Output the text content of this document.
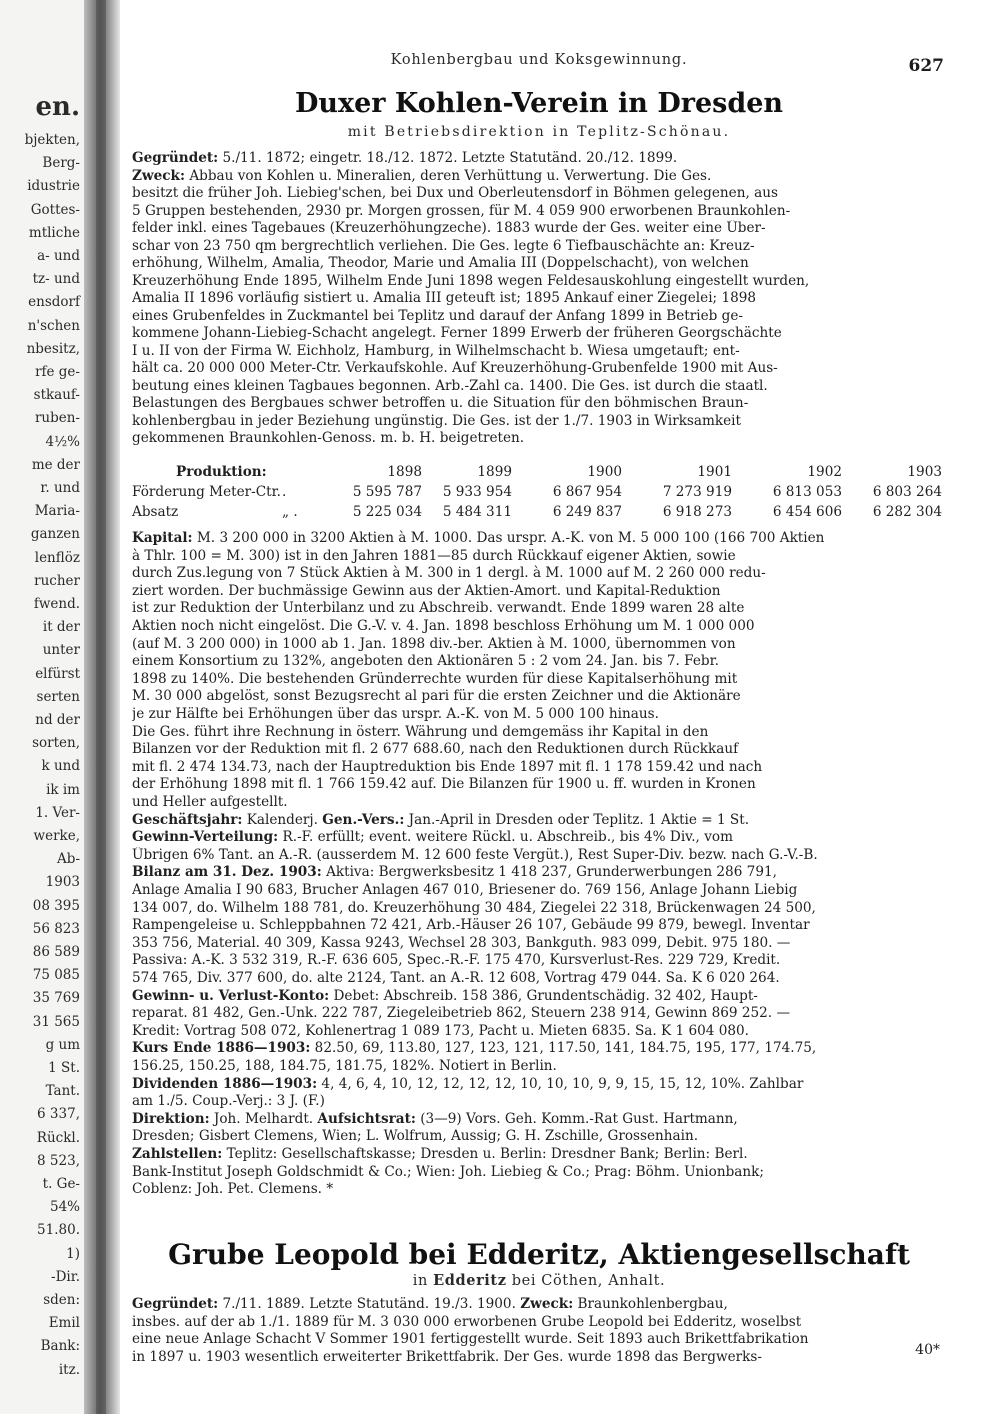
en.
bjekten,
Berg-
idustrie
Gottes-
mtliche
a- und
tz- und
ensdorf
n'schen
nbesitz,
rfe ge-
stkauf-
ruben-
4½%
me der
r. und
Maria-
ganzen
lenflöz
rucher
fwend.
it der
unter
elfürst
serten
nd der
sorten,
k und
ik im
1. Ver-
werke,
Ab-
1903
08 395
56 823
86 589
75 085
35 769
31 565
g um
1 St.
Tant.
6 337,
Rückl.
8 523,
t. Ge-
54%
51.80.
1)
-Dir.
sden:
Emil
Bank:
itz.
Kohlenbergbau und Koksgewinnung.	627
Duxer Kohlen-Verein in Dresden
mit Betriebsdirektion in Teplitz-Schönau.
Gegründet: 5./11. 1872; eingetr. 18./12. 1872. Letzte Statutänd. 20./12. 1899.
Zweck: Abbau von Kohlen u. Mineralien, deren Verhüttung u. Verwertung. Die Ges.
besitzt die früher Joh. Liebieg'schen, bei Dux und Oberleutensdorf in Böhmen gelegenen, aus
5 Gruppen bestehenden, 2930 pr. Morgen grossen, für M. 4 059 900 erworbenen Braunkohlen-
felder inkl. eines Tagebaues (Kreuzerhöhungzeche). 1883 wurde der Ges. weiter eine Über-
schar von 23 750 qm bergrechtlich verliehen. Die Ges. legte 6 Tiefbauschächte an: Kreuz-
erhöhung, Wilhelm, Amalia, Theodor, Marie und Amalia III (Doppelschacht), von welchen
Kreuzerhöhung Ende 1895, Wilhelm Ende Juni 1898 wegen Feldesauskohlung eingestellt wurden,
Amalia II 1896 vorläufig sistiert u. Amalia III geteuft ist; 1895 Ankauf einer Ziegelei; 1898
eines Grubenfeldes in Zuckmantel bei Teplitz und darauf der Anfang 1899 in Betrieb ge-
kommene Johann-Liebieg-Schacht angelegt. Ferner 1899 Erwerb der früheren Georgschächte
I u. II von der Firma W. Eichholz, Hamburg, in Wilhelmschacht b. Wiesa umgetauft; ent-
hält ca. 20 000 000 Meter-Ctr. Verkaufskohle. Auf Kreuzerhöhung-Grubenfelde 1900 mit Aus-
beutung eines kleinen Tagbaues begonnen. Arb.-Zahl ca. 1400. Die Ges. ist durch die staatl.
Belastungen des Bergbaues schwer betroffen u. die Situation für den böhmischen Braun-
kohlenbergbau in jeder Beziehung ungünstig. Die Ges. ist der 1./7. 1903 in Wirksamkeit
gekommenen Braunkohlen-Genoss. m. b. H. beigetreten.
Produktion:	1898	1899	1900	1901	1902	1903
Förderung Meter-Ctr. .	5 595 787	5 933 954	6 867 954	7 273 919	6 813 053	6 803 264
Absatz	„ .	5 225 034	5 484 311	6 249 837	6 918 273	6 454 606	6 282 304
Kapital: M. 3 200 000 in 3200 Aktien à M. 1000. Das urspr. A.-K. von M. 5 000 100 (166 700 Aktien
à Thlr. 100 = M. 300) ist in den Jahren 1881—85 durch Rückkauf eigener Aktien, sowie
durch Zus.legung von 7 Stück Aktien à M. 300 in 1 dergl. à M. 1000 auf M. 2 260 000 redu-
ziert worden. Der buchmässige Gewinn aus der Aktien-Amort. und Kapital-Reduktion
ist zur Reduktion der Unterbilanz und zu Abschreib. verwandt. Ende 1899 waren 28 alte
Aktien noch nicht eingelöst. Die G.-V. v. 4. Jan. 1898 beschloss Erhöhung um M. 1 000 000
(auf M. 3 200 000) in 1000 ab 1. Jan. 1898 div.-ber. Aktien à M. 1000, übernommen von
einem Konsortium zu 132%, angeboten den Aktionären 5 : 2 vom 24. Jan. bis 7. Febr.
1898 zu 140%. Die bestehenden Gründerrechte wurden für diese Kapitalserhöhung mit
M. 30 000 abgelöst, sonst Bezugsrecht al pari für die ersten Zeichner und die Aktionäre
je zur Hälfte bei Erhöhungen über das urspr. A.-K. von M. 5 000 100 hinaus.
Die Ges. führt ihre Rechnung in österr. Währung und demgemäss ihr Kapital in den
Bilanzen vor der Reduktion mit fl. 2 677 688.60, nach den Reduktionen durch Rückkauf
mit fl. 2 474 134.73, nach der Hauptreduktion bis Ende 1897 mit fl. 1 178 159.42 und nach
der Erhöhung 1898 mit fl. 1 766 159.42 auf. Die Bilanzen für 1900 u. ff. wurden in Kronen
und Heller aufgestellt.
Geschäftsjahr: Kalenderj. Gen.-Vers.: Jan.-April in Dresden oder Teplitz. 1 Aktie = 1 St.
Gewinn-Verteilung: R.-F. erfüllt; event. weitere Rückl. u. Abschreib., bis 4% Div., vom
Übrigen 6% Tant. an A.-R. (ausserdem M. 12 600 feste Vergüt.), Rest Super-Div. bezw. nach G.-V.-B.
Bilanz am 31. Dez. 1903: Aktiva: Bergwerksbesitz 1 418 237, Grunderwerbungen 286 791,
Anlage Amalia I 90 683, Brucher Anlagen 467 010, Briesener do. 769 156, Anlage Johann Liebig
134 007, do. Wilhelm 188 781, do. Kreuzerhöhung 30 484, Ziegelei 22 318, Brückenwagen 24 500,
Rampengeleise u. Schleppbahnen 72 421, Arb.-Häuser 26 107, Gebäude 99 879, bewegl. Inventar
353 756, Material. 40 309, Kassa 9243, Wechsel 28 303, Bankguth. 983 099, Debit. 975 180. —
Passiva: A.-K. 3 532 319, R.-F. 636 605, Spec.-R.-F. 175 470, Kursverlust-Res. 229 729, Kredit.
574 765, Div. 377 600, do. alte 2124, Tant. an A.-R. 12 608, Vortrag 479 044. Sa. K 6 020 264.
Gewinn- u. Verlust-Konto: Debet: Abschreib. 158 386, Grundentschädig. 32 402, Haupt-
reparat. 81 482, Gen.-Unk. 222 787, Ziegeleibetrieb 862, Steuern 238 914, Gewinn 869 252. —
Kredit: Vortrag 508 072, Kohlenertrag 1 089 173, Pacht u. Mieten 6835. Sa. K 1 604 080.
Kurs Ende 1886—1903: 82.50, 69, 113.80, 127, 123, 121, 117.50, 141, 184.75, 195, 177, 174.75,
156.25, 150.25, 188, 184.75, 181.75, 182%. Notiert in Berlin.
Dividenden 1886—1903: 4, 4, 6, 4, 10, 12, 12, 12, 12, 10, 10, 10, 9, 9, 15, 15, 12, 10%. Zahlbar
am 1./5. Coup.-Verj.: 3 J. (F.)
Direktion: Joh. Melhardt. Aufsichtsrat: (3—9) Vors. Geh. Komm.-Rat Gust. Hartmann,
Dresden; Gisbert Clemens, Wien; L. Wolfrum, Aussig; G. H. Zschille, Grossenhain.
Zahlstellen: Teplitz: Gesellschaftskasse; Dresden u. Berlin: Dresdner Bank; Berlin: Berl.
Bank-Institut Joseph Goldschmidt & Co.; Wien: Joh. Liebieg & Co.; Prag: Böhm. Unionbank;
Coblenz: Joh. Pet. Clemens. *
Grube Leopold bei Edderitz, Aktiengesellschaft
in Edderitz bei Cöthen, Anhalt.
Gegründet: 7./11. 1889. Letzte Statutänd. 19./3. 1900. Zweck: Braunkohlenbergbau,
insbes. auf der ab 1./1. 1889 für M. 3 030 000 erworbenen Grube Leopold bei Edderitz, woselbst
eine neue Anlage Schacht V Sommer 1901 fertiggestellt wurde. Seit 1893 auch Brikettfabrikation
in 1897 u. 1903 wesentlich erweiterter Brikettfabrik. Der Ges. wurde 1898 das Bergwerks-	40*
